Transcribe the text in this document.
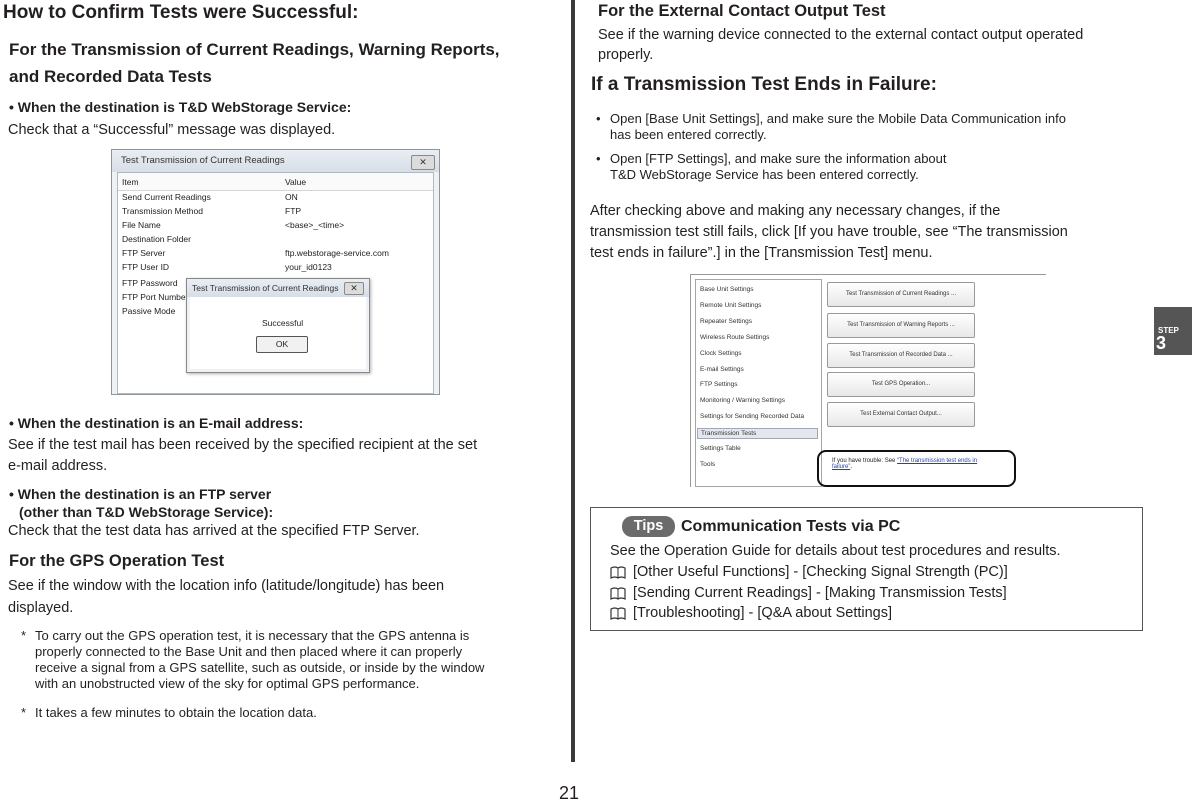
How to Confirm Tests were Successful:
For the Transmission of Current Readings, Warning Reports,
and Recorded Data Tests
• When the destination is T&D WebStorage Service:
Check that a “Successful” message was displayed.
Test Transmission of Current Readings	✕
Item	Value
Send Current Readings	ON
Transmission Method	FTP
File Name	<base>_<time>
Destination Folder
FTP Server	ftp.webstorage-service.com
FTP User ID	your_id0123
FTP Password
FTP Port Numbe
Passive Mode
Test Transmission of Current Readings	✕
Successful
OK
• When the destination is an E-mail address:
See if the test mail has been received by the specified recipient at the set
e-mail address.
• When the destination is an FTP server
(other than T&D WebStorage Service):
Check that the test data has arrived at the specified FTP Server.
For the GPS Operation Test
See if the window with the location info (latitude/longitude) has been
displayed.
* To carry out the GPS operation test, it is necessary that the GPS antenna is
properly connected to the Base Unit and then placed where it can properly
receive a signal from a GPS satellite, such as outside, or inside by the window
with an unobstructed view of the sky for optimal GPS performance.
* It takes a few minutes to obtain the location data.
For the External Contact Output Test
See if the warning device connected to the external contact output operated
properly.
If a Transmission Test Ends in Failure:
• Open [Base Unit Settings], and make sure the Mobile Data Communication info
has been entered correctly.
• Open [FTP Settings], and make sure the information about
T&D WebStorage Service has been entered correctly.
After checking above and making any necessary changes, if the
transmission test still fails, click [If you have trouble, see “The transmission
test ends in failure”.] in the [Transmission Test] menu.
Base Unit Settings
Remote Unit Settings
Repeater Settings
Wireless Route Settings
Clock Settings
E-mail Settings
FTP Settings
Monitoring / Warning Settings
Settings for Sending Recorded Data
Transmission Tests
Settings Table
Tools
Test Transmission of Current Readings ...
Test Transmission of Warning Reports ...
Test Transmission of Recorded Data ...
Test GPS Operation...
Test External Contact Output...
If you have trouble: See “The transmission test ends in
failure”.
Tips	Communication Tests via PC
See the Operation Guide for details about test procedures and results.
[Other Useful Functions] - [Checking Signal Strength (PC)]
[Sending Current Readings] - [Making Transmission Tests]
[Troubleshooting] - [Q&A about Settings]
STEP
3
21
